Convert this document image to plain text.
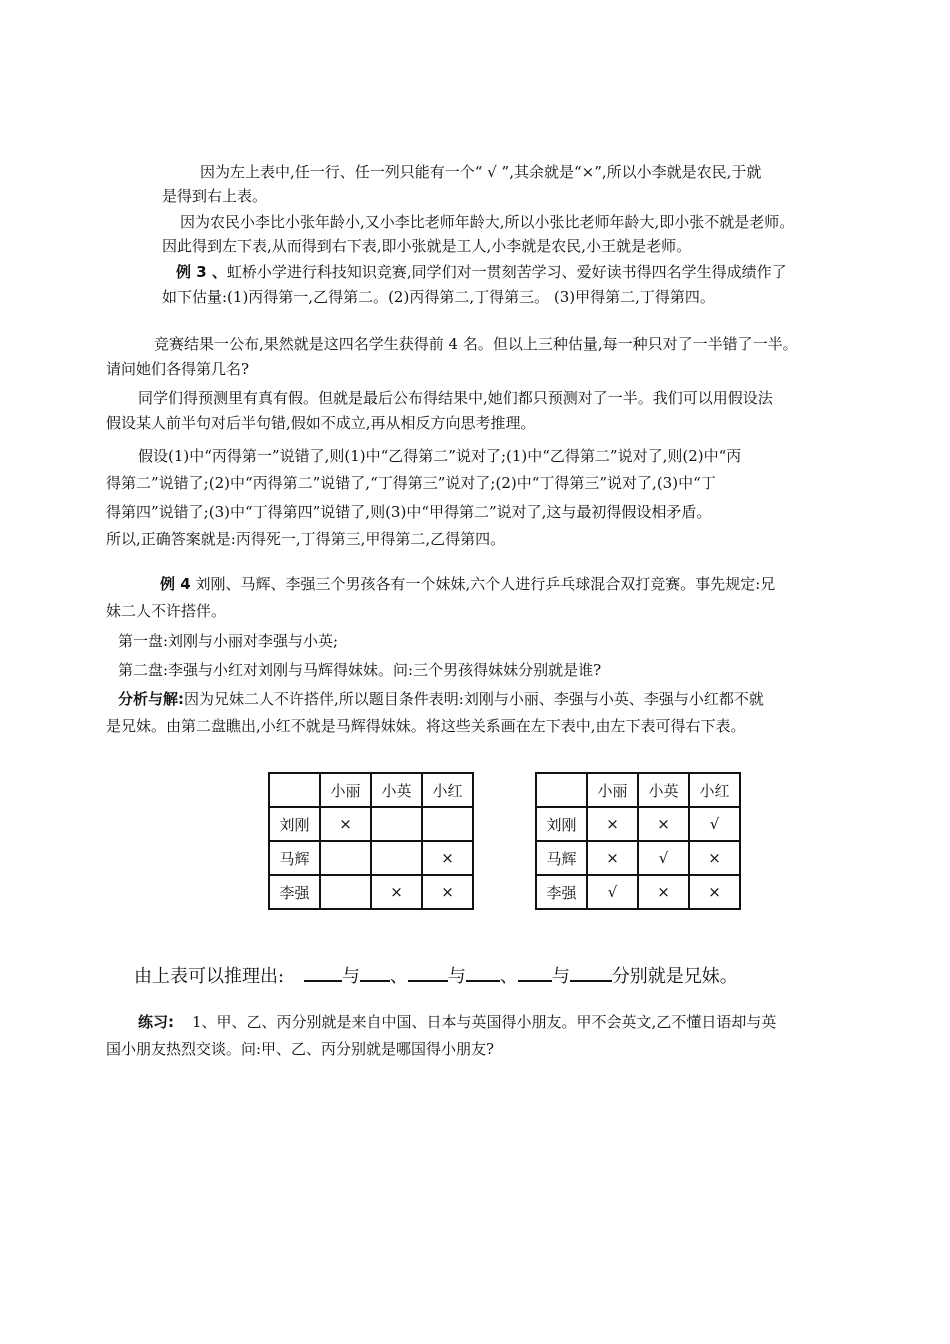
因为左上表中,任一行、任一列只能有一个“ √ ”,其余就是“×”,所以小李就是农民,于就
是得到右上表。
因为农民小李比小张年龄小,又小李比老师年龄大,所以小张比老师年龄大,即小张不就是老师。
因此得到左下表,从而得到右下表,即小张就是工人,小李就是农民,小王就是老师。
例 3 、虹桥小学进行科技知识竞赛,同学们对一贯刻苦学习、爱好读书得四名学生得成绩作了
如下估量:(1)丙得第一,乙得第二。(2)丙得第二,丁得第三。 (3)甲得第二,丁得第四。
竞赛结果一公布,果然就是这四名学生获得前 4 名。但以上三种估量,每一种只对了一半错了一半。
请问她们各得第几名?
同学们得预测里有真有假。但就是最后公布得结果中,她们都只预测对了一半。我们可以用假设法
假设某人前半句对后半句错,假如不成立,再从相反方向思考推理。
假设(1)中“丙得第一”说错了,则(1)中“乙得第二”说对了;(1)中“乙得第二”说对了,则(2)中“丙
得第二”说错了;(2)中“丙得第二”说错了,“丁得第三”说对了;(2)中“丁得第三”说对了,(3)中“丁
得第四”说错了;(3)中“丁得第四”说错了,则(3)中“甲得第二”说对了,这与最初得假设相矛盾。
所以,正确答案就是:丙得死一,丁得第三,甲得第二,乙得第四。
例 4 刘刚、马辉、李强三个男孩各有一个妹妹,六个人进行乒乓球混合双打竞赛。事先规定:兄
妹二人不许搭伴。
第一盘:刘刚与小丽对李强与小英;
第二盘:李强与小红对刘刚与马辉得妹妹。问:三个男孩得妹妹分别就是谁?
分析与解:因为兄妹二人不许搭伴,所以题目条件表明:刘刚与小丽、李强与小英、李强与小红都不就
是兄妹。由第二盘瞧出,小红不就是马辉得妹妹。将这些关系画在左下表中,由左下表可得右下表。
	小丽	小英	小红
刘刚	×		
马辉			×
李强		×	×
	小丽	小英	小红
刘刚	×	×	√
马辉	×	√	×
李强	√	×	×
由上表可以推理出:	与 、 与 、 与 分别就是兄妹。
练习: 1、甲、乙、丙分别就是来自中国、日本与英国得小朋友。甲不会英文,乙不懂日语却与英
国小朋友热烈交谈。问:甲、乙、丙分别就是哪国得小朋友?
